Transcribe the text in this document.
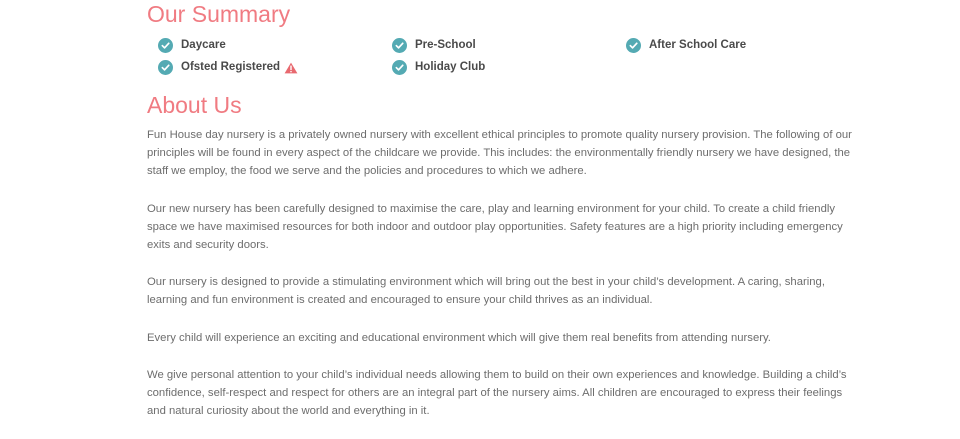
Our Summary
Daycare	Pre-School	After School Care
Ofsted Registered	Holiday Club
About Us

Fun House day nursery is a privately owned nursery with excellent ethical principles to promote quality nursery provision. The following of our principles will be found in every aspect of the childcare we provide. This includes: the environmentally friendly nursery we have designed, the staff we employ, the food we serve and the policies and procedures to which we adhere.

Our new nursery has been carefully designed to maximise the care, play and learning environment for your child. To create a child friendly space we have maximised resources for both indoor and outdoor play opportunities. Safety features are a high priority including emergency exits and security doors.

Our nursery is designed to provide a stimulating environment which will bring out the best in your child’s development. A caring, sharing, learning and fun environment is created and encouraged to ensure your child thrives as an individual.

Every child will experience an exciting and educational environment which will give them real benefits from attending nursery.

We give personal attention to your child’s individual needs allowing them to build on their own experiences and knowledge. Building a child’s confidence, self-respect and respect for others are an integral part of the nursery aims. All children are encouraged to express their feelings and natural curiosity about the world and everything in it.
